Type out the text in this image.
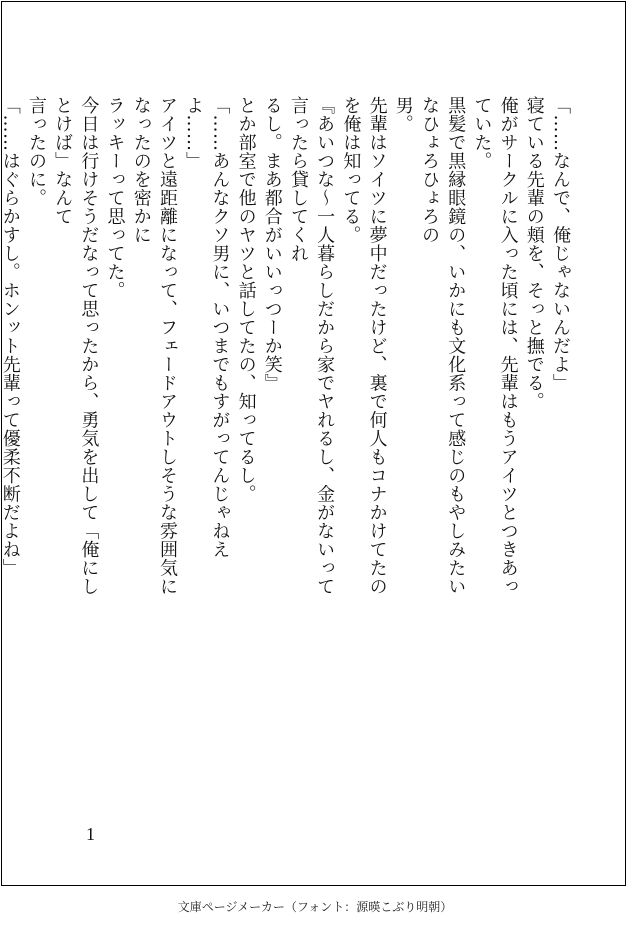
「……なんで、俺じゃないんだよ」

寝ている先輩の頬を、そっと撫でる。

俺がサークルに入った頃には、先輩はもうアイツとつきあっていた。

黒髪で黒縁眼鏡の、いかにも文化系って感じのもやしみたいなひょろひょろの

男。

先輩はソイツに夢中だったけど、裏で何人もコナかけてたのを俺は知ってる。

『あいつな〜一人暮らしだから家でヤれるし、金がないって言ったら貸してくれ

るし。まあ都合がいいっつーか笑』

とか部室で他のヤツと話してたの、知ってるし。

「……あんなクソ男に、いつまでもすがってんじゃねえよ……」

アイツと遠距離になって、フェードアウトしそうな雰囲気になったのを密かに

ラッキーって思ってた。

今日は行けそうだなって思ったから、勇気を出して「俺にしとけば」なんて

言ったのに。

「……はぐらかすし。ホンット先輩って優柔不断だよね」

1
文庫ページメーカー（フォント：源暎こぶり明朝）
